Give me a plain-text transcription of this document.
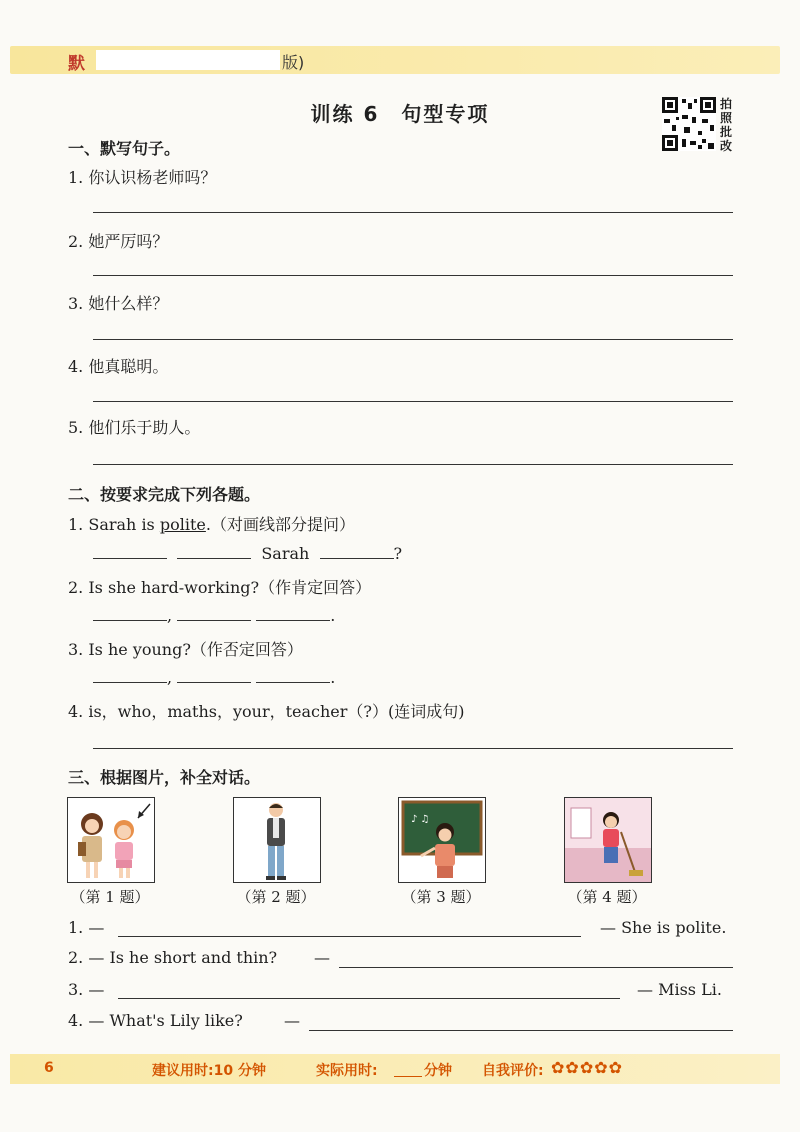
默	版)
训练 6　句型专项	拍照批改
一、默写句子。
1. 你认识杨老师吗？
2. 她严厉吗？
3. 她什么样？
4. 他真聪明。
5. 他们乐于助人。
二、按要求完成下列各题。
1. Sarah is polite.（对画线部分提问）
Sarah	?
2. Is she hard-working?（作肯定回答）
,	.
3. Is he young?（作否定回答）
,	.
4. is，who，maths，your，teacher（?）(连词成句)
三、根据图片，补全对话。
♪ ♫
（第 1 题）	（第 2 题）	（第 3 题）	（第 4 题）
1. —	— She is polite.
2. — Is he short and thin? —
3. —	— Miss Li.
4. — What's Lily like?	—
6	建议用时:10 分钟	实际用时:	分钟 自我评价: ✿✿✿✿✿
